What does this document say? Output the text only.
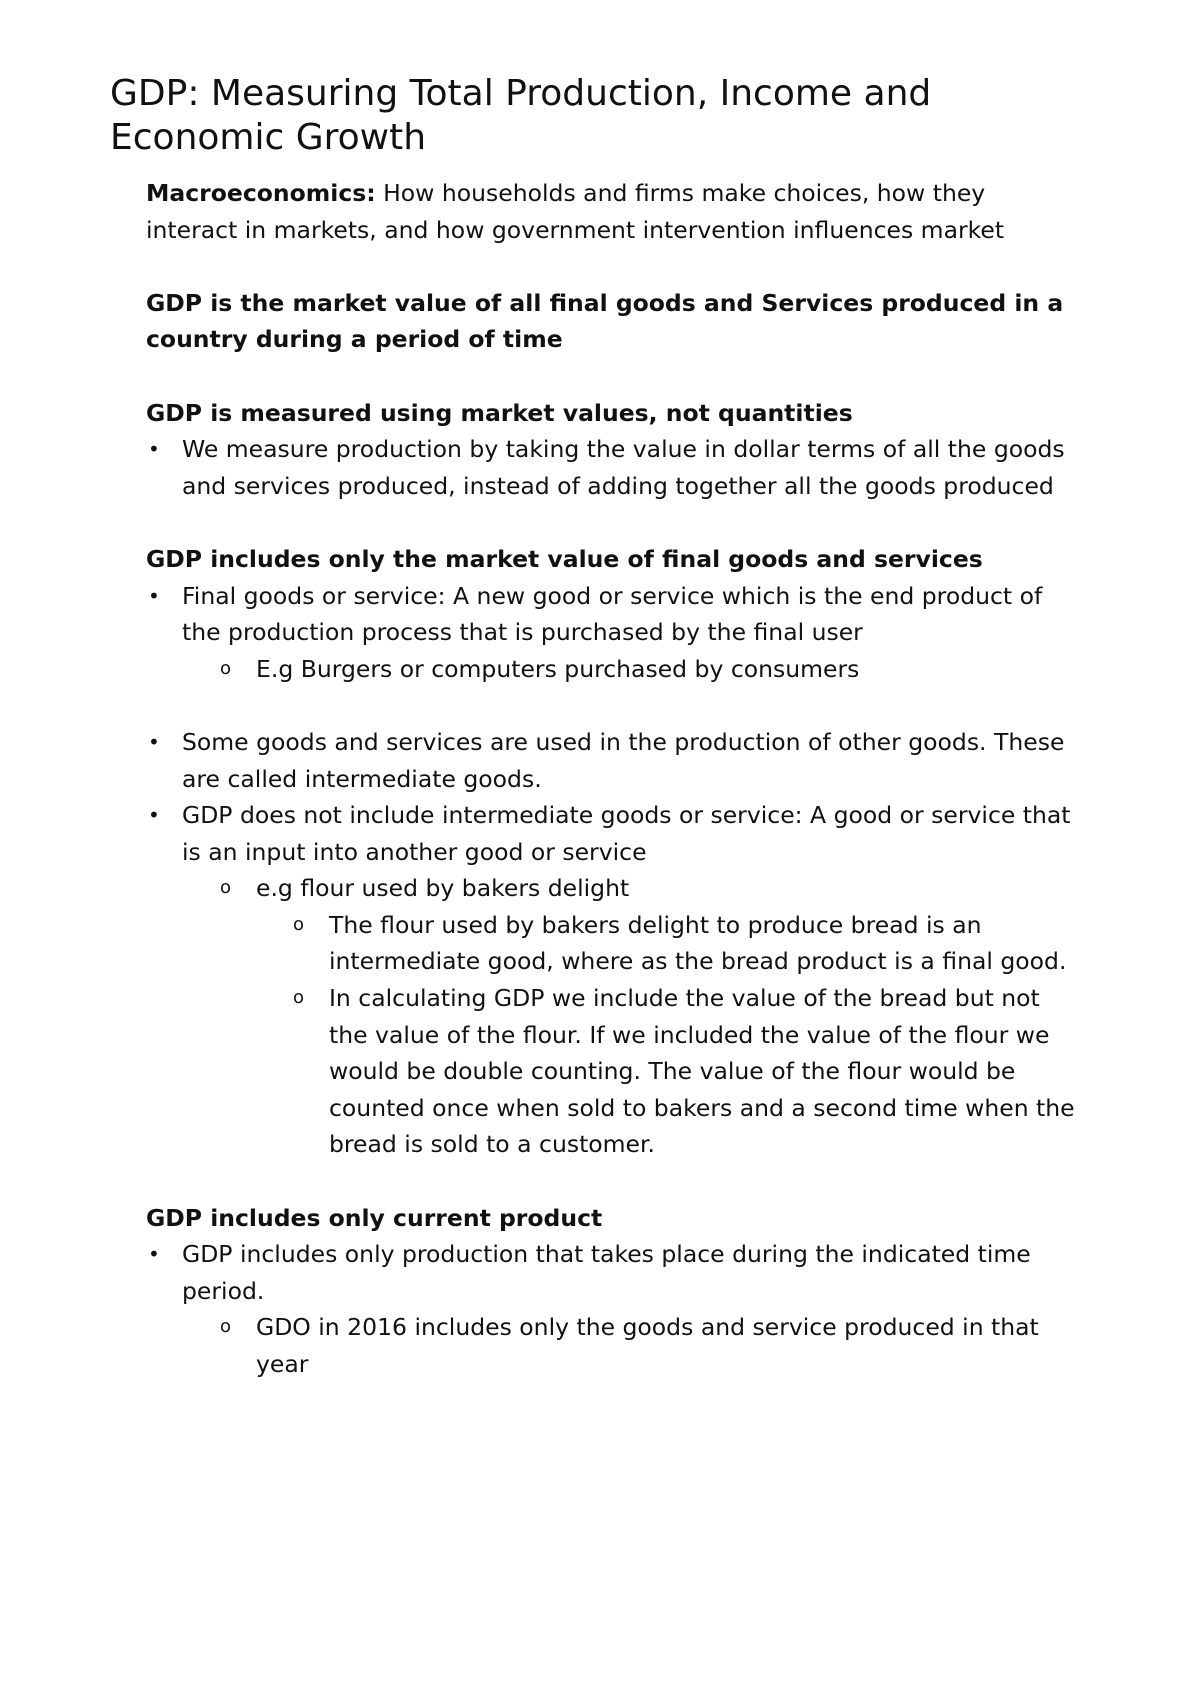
GDP: Measuring Total Production, Income and Economic Growth

Macroeconomics: How households and firms make choices, how they interact in markets, and how government intervention influences market

GDP is the market value of all final goods and Services produced in a country during a period of time

GDP is measured using market values, not quantities

• We measure production by taking the value in dollar terms of all the goods and services produced, instead of adding together all the goods produced

GDP includes only the market value of final goods and services

• Final goods or service: A new good or service which is the end product of the production process that is purchased by the final user

o E.g Burgers or computers purchased by consumers

• Some goods and services are used in the production of other goods. These are called intermediate goods.

• GDP does not include intermediate goods or service: A good or service that is an input into another good or service

o e.g flour used by bakers delight

o The flour used by bakers delight to produce bread is an intermediate good, where as the bread product is a final good.

o In calculating GDP we include the value of the bread but not the value of the flour. If we included the value of the flour we would be double counting. The value of the flour would be counted once when sold to bakers and a second time when the bread is sold to a customer.

GDP includes only current product

• GDP includes only production that takes place during the indicated time period.

o GDO in 2016 includes only the goods and service produced in that year
